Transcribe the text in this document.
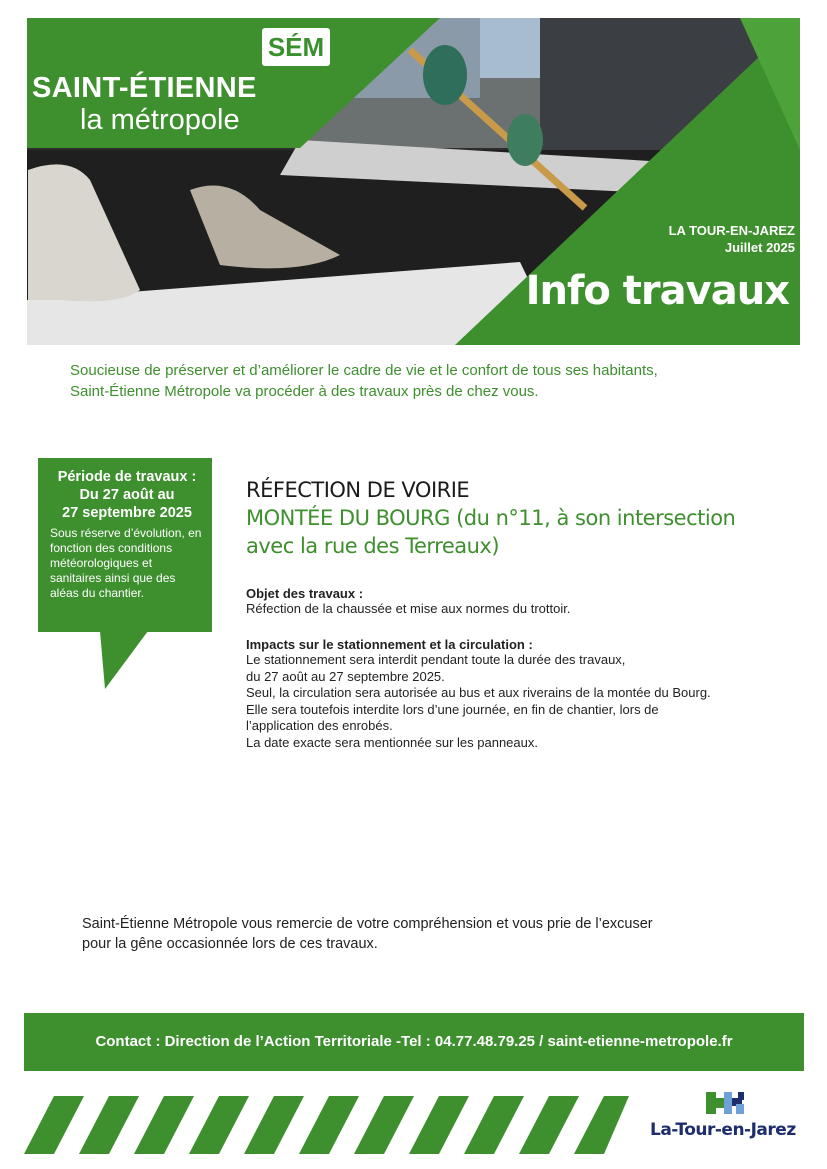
SÉM
SAINT-ÉTIENNE
la métropole
LA TOUR-EN-JAREZ
Juillet 2025
Info travaux
Soucieuse de préserver et d’améliorer le cadre de vie et le confort de tous ses habitants,
Saint-Étienne Métropole va procéder à des travaux près de chez vous.
Période de travaux :
Du 27 août au
27 septembre 2025
Sous réserve d’évolution, en fonction des conditions météorologiques et sanitaires ainsi que des aléas du chantier.
RÉFECTION DE VOIRIE
MONTÉE DU BOURG (du n°11, à son intersection
avec la rue des Terreaux)
Objet des travaux :
Réfection de la chaussée et mise aux normes du trottoir.
Impacts sur le stationnement et la circulation :
Le stationnement sera interdit pendant toute la durée des travaux,
du 27 août au 27 septembre 2025.
Seul, la circulation sera autorisée au bus et aux riverains de la montée du Bourg.
Elle sera toutefois interdite lors d’une journée, en fin de chantier, lors de
l’application des enrobés.
La date exacte sera mentionnée sur les panneaux.
Saint-Étienne Métropole vous remercie de votre compréhension et vous prie de l’excuser
pour la gêne occasionnée lors de ces travaux.
Contact : Direction de l’Action Territoriale -Tel : 04.77.48.79.25 / saint-etienne-metropole.fr
La-Tour-en-Jarez
